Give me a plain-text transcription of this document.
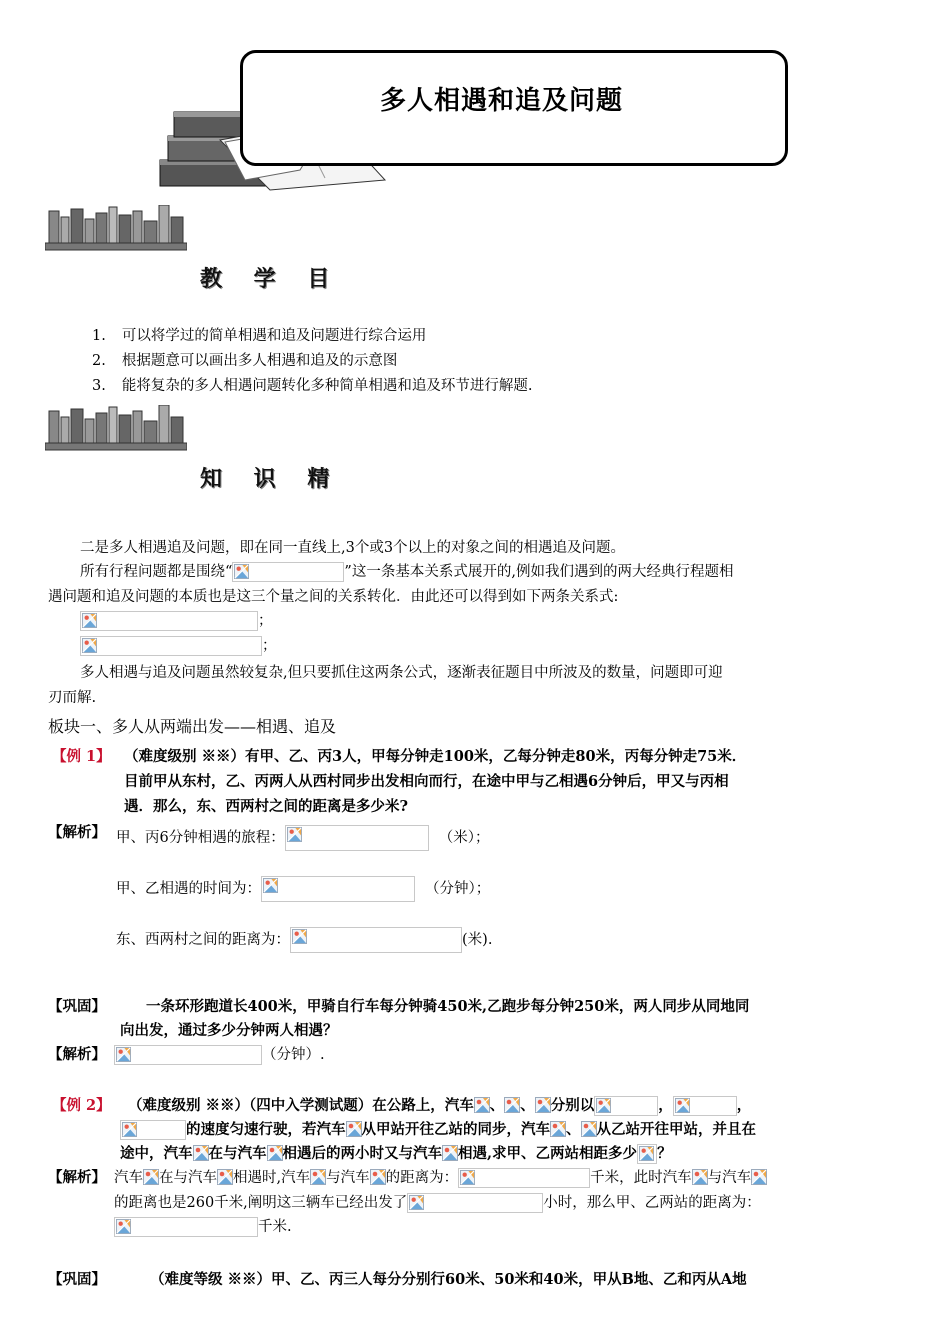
多人相遇和追及问题
教 学 目
1. 可以将学过的简单相遇和追及问题进行综合运用
2. 根据题意可以画出多人相遇和追及的示意图
3. 能将复杂的多人相遇问题转化多种简单相遇和追及环节进行解题.
知 识 精
二是多人相遇追及问题，即在同一直线上,3个或3个以上的对象之间的相遇追及问题。
所有行程问题都是围绕“	”这一条基本关系式展开的,例如我们遇到的两大经典行程题相
遇问题和追及问题的本质也是这三个量之间的关系转化．由此还可以得到如下两条关系式:
；
；
多人相遇与追及问题虽然较复杂,但只要抓住这两条公式，逐渐表征题目中所波及的数量，问题即可迎
刃而解.
板块一、多人从两端出发——相遇、追及
【例 1】 （难度级别 ※※）有甲、乙、丙3人，甲每分钟走100米，乙每分钟走80米，丙每分钟走75米．
目前甲从东村，乙、丙两人从西村同步出发相向而行，在途中甲与乙相遇6分钟后，甲又与丙相
遇．那么，东、西两村之间的距离是多少米?
【解析】 甲、丙6分钟相遇的旅程：	（米）；
甲、乙相遇的时间为：	（分钟）；
东、西两村之间的距离为：	(米).
【巩固】	一条环形跑道长400米，甲骑自行车每分钟骑450米,乙跑步每分钟250米，两人同步从同地同
向出发，通过多少分钟两人相遇？
【解析】	（分钟）.
【例 2】 （难度级别 ※※）（四中入学测试题）在公路上，汽车 、 、 分别以	，	，
的速度匀速行驶，若汽车 从甲站开往乙站的同步，汽车 、 从乙站开往甲站，并且在
途中，汽车 在与汽车 相遇后的两小时又与汽车 相遇,求甲、乙两站相距多少 ？
【解析】 汽车 在与汽车 相遇时,汽车 与汽车 的距离为：	千米，此时汽车 与汽车
的距离也是260千米,阐明这三辆车已经出发了	小时，那么甲、乙两站的距离为：
千米.
【巩固】	（难度等级 ※※）甲、乙、丙三人每分分别行60米、50米和40米，甲从B地、乙和丙从A地
